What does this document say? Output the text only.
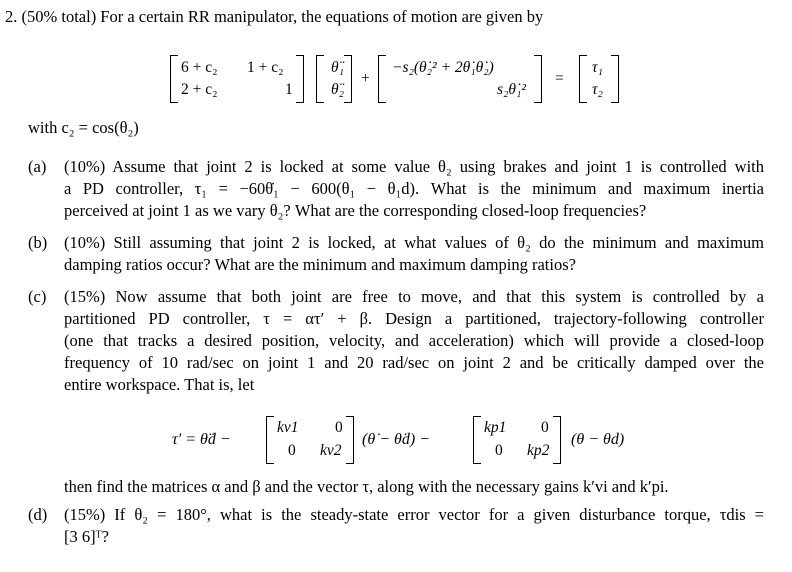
2. (50% total) For a certain RR manipulator, the equations of motion are given by
6 + c₂ 1 + c₂
2 + c₂	1
θ̈₁
θ̈₂
+
−s₂(θ̇₂² + 2θ̇₁θ̇₂)
s₂θ̇₁²
=
τ₁
τ₂
with c₂ = cos(θ₂)
(a) (10%) Assume that joint 2 is locked at some value θ₂ using brakes and joint 1 is controlled with
a PD controller, τ₁ = −60θ̇₁ − 600(θ₁ − θ₁d). What is the minimum and maximum inertia
perceived at joint 1 as we vary θ₂? What are the corresponding closed-loop frequencies?
(b) (10%) Still assuming that joint 2 is locked, at what values of θ₂ do the minimum and maximum
damping ratios occur? What are the minimum and maximum damping ratios?
(c) (15%) Now assume that both joint are free to move, and that this system is controlled by a
partitioned PD controller, τ = ατ′ + β. Design a partitioned, trajectory-following controller
(one that tracks a desired position, velocity, and acceleration) which will provide a closed-loop
frequency of 10 rad/sec on joint 1 and 20 rad/sec on joint 2 and be critically damped over the
entire workspace. That is, let
τ′ = θ̈d −
kv1 0
0 kv2
(θ̇ − θ̇d) −
kp1 0
0 kp2
(θ − θd)
then find the matrices α and β and the vector τ, along with the necessary gains k′vi and k′pi.
(d) (15%) If θ₂ = 180°, what is the steady-state error vector for a given disturbance torque, τdis =
[3 6]ᵀ?
